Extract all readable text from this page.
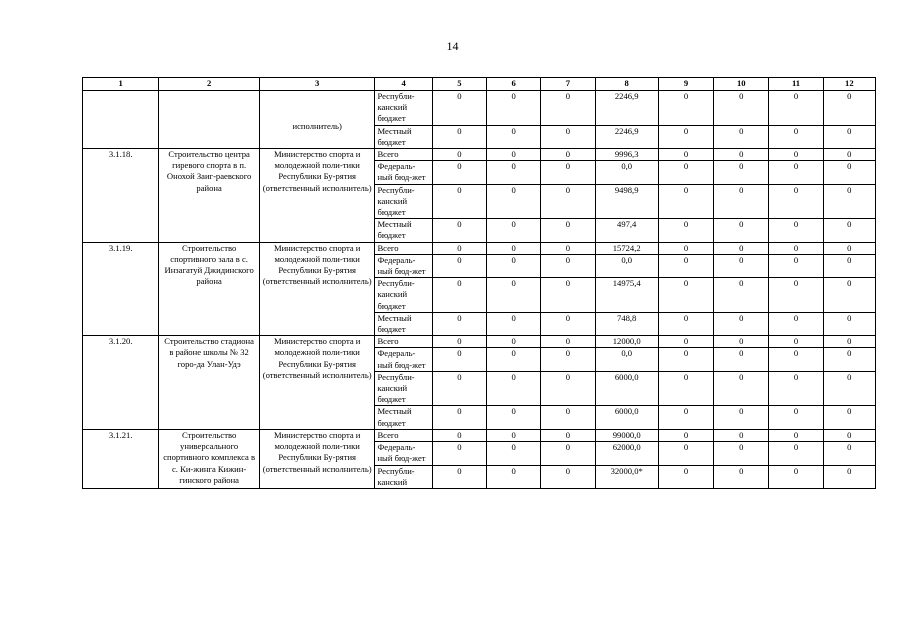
14
1	2	3	4	5	6	7	8	9	10	11	12
		исполнитель)	Республи-канский бюджет	0	0	0	2246,9	0	0	0	0
			Местный бюджет	0	0	0	2246,9	0	0	0	0
3.1.18.	Строительство центра гиревого спорта в п. Онохой Заиг-раевского района	Министерство спорта и молодежной поли-тики Республики Бу-рятия (ответственный исполнитель)	Всего	0	0	0	9996,3	0	0	0	0
			Федераль-ный бюд-жет	0	0	0	0,0	0	0	0	0
			Республи-канский бюджет	0	0	0	9498,9	0	0	0	0
			Местный бюджет	0	0	0	497,4	0	0	0	0
3.1.19.	Строительство спортивного зала в с. Инзагатуй Джидинского района	Министерство спорта и молодежной поли-тики Республики Бу-рятия (ответственный исполнитель)	Всего	0	0	0	15724,2	0	0	0	0
			Федераль-ный бюд-жет	0	0	0	0,0	0	0	0	0
			Республи-канский бюджет	0	0	0	14975,4	0	0	0	0
			Местный бюджет	0	0	0	748,8	0	0	0	0
3.1.20.	Строительство стадиона в районе школы № 32 горо-да Улан-Удэ	Министерство спорта и молодежной поли-тики Республики Бу-рятия (ответственный исполнитель)	Всего	0	0	0	12000,0	0	0	0	0
			Федераль-ный бюд-жет	0	0	0	0,0	0	0	0	0
			Республи-канский бюджет	0	0	0	6000,0	0	0	0	0
			Местный бюджет	0	0	0	6000,0	0	0	0	0
3.1.21.	Строительство универсального спортивного комплекса в с. Ки-жинга Кижин-гинского района	Министерство спорта и молодежной поли-тики Республики Бу-рятия (ответственный исполнитель)	Всего	0	0	0	99000,0	0	0	0	0
			Федераль-ный бюд-жет	0	0	0	62000,0	0	0	0	0
			Республи-канский	0	0	0	32000,0*	0	0	0	0
